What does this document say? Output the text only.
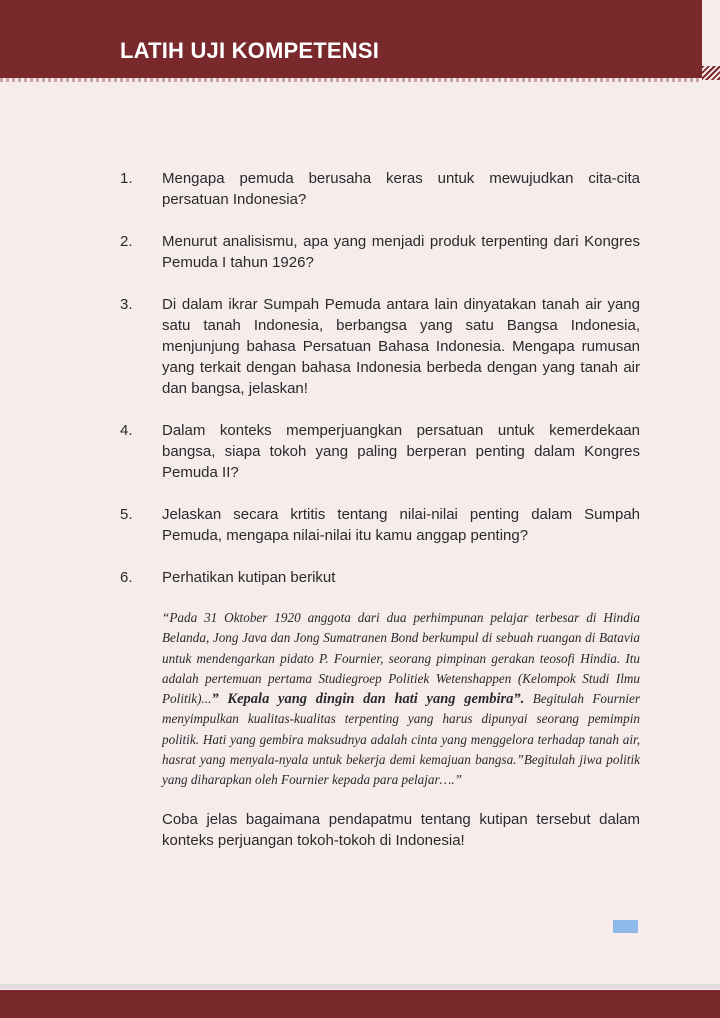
LATIH UJI KOMPETENSI
1. Mengapa pemuda berusaha keras untuk mewujudkan cita-cita persatuan Indonesia?
2. Menurut analisismu, apa yang menjadi produk terpenting dari Kongres Pemuda I tahun 1926?
3. Di dalam ikrar Sumpah Pemuda antara lain dinyatakan tanah air yang satu tanah Indonesia, berbangsa yang satu Bangsa Indonesia, menjunjung bahasa Persatuan Bahasa Indonesia. Mengapa rumusan yang terkait dengan bahasa Indonesia berbeda dengan yang tanah air dan bangsa, jelaskan!
4. Dalam konteks memperjuangkan persatuan untuk kemerdekaan bangsa, siapa tokoh yang paling berperan penting dalam Kongres Pemuda II?
5. Jelaskan secara krtitis tentang nilai-nilai penting dalam Sumpah Pemuda, mengapa nilai-nilai itu kamu anggap penting?
6. Perhatikan kutipan berikut
“Pada 31 Oktober 1920 anggota dari dua perhimpunan pelajar terbesar di Hindia Belanda, Jong Java dan Jong Sumatranen Bond berkumpul di sebuah ruangan di Batavia untuk mendengarkan pidato P. Fournier, seorang pimpinan gerakan teosofi Hindia. Itu adalah pertemuan pertama Studiegroep Politiek Wetenshappen (Kelompok Studi Ilmu Politik)...” Kepala yang dingin dan hati yang gembira”. Begitulah Fournier menyimpulkan kualitas-kualitas terpenting yang harus dipunyai seorang pemimpin politik. Hati yang gembira maksudnya adalah cinta yang menggelora terhadap tanah air, hasrat yang menyala-nyala untuk bekerja demi kemajuan bangsa.”Begitulah jiwa politik yang diharapkan oleh Fournier kepada para pelajar….”
Coba jelas bagaimana pendapatmu tentang kutipan tersebut dalam konteks perjuangan tokoh-tokoh di Indonesia!
